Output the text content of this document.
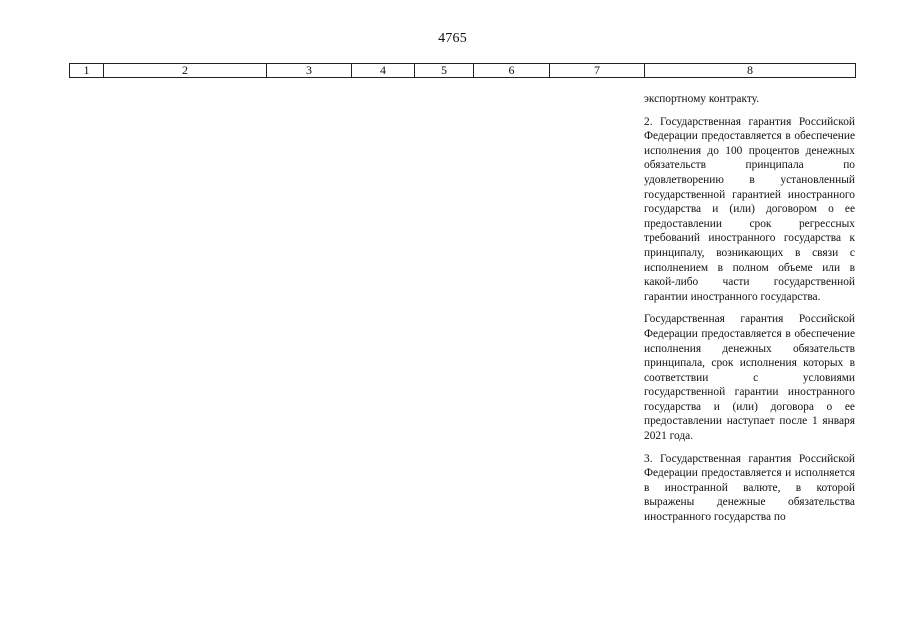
4765
1	2	3	4	5	6	7	8

экспортному контракту.

2. Государственная гарантия Российской Федерации предоставляется в обеспечение исполнения до 100 процентов денежных обязательств принципала по удовлетворению в установленный государственной гарантией иностранного государства и (или) договором о ее предоставлении срок регрессных требований иностранного государства к принципалу, возникающих в связи с исполнением в полном объеме или в какой-либо части государственной гарантии иностранного государства.

Государственная гарантия Российской Федерации предоставляется в обеспечение исполнения денежных обязательств принципала, срок исполнения которых в соответствии с условиями государственной гарантии иностранного государства и (или) договора о ее предоставлении наступает после 1 января 2021 года.

3. Государственная гарантия Российской Федерации предоставляется и исполняется в иностранной валюте, в которой выражены денежные обязательства иностранного государства по
